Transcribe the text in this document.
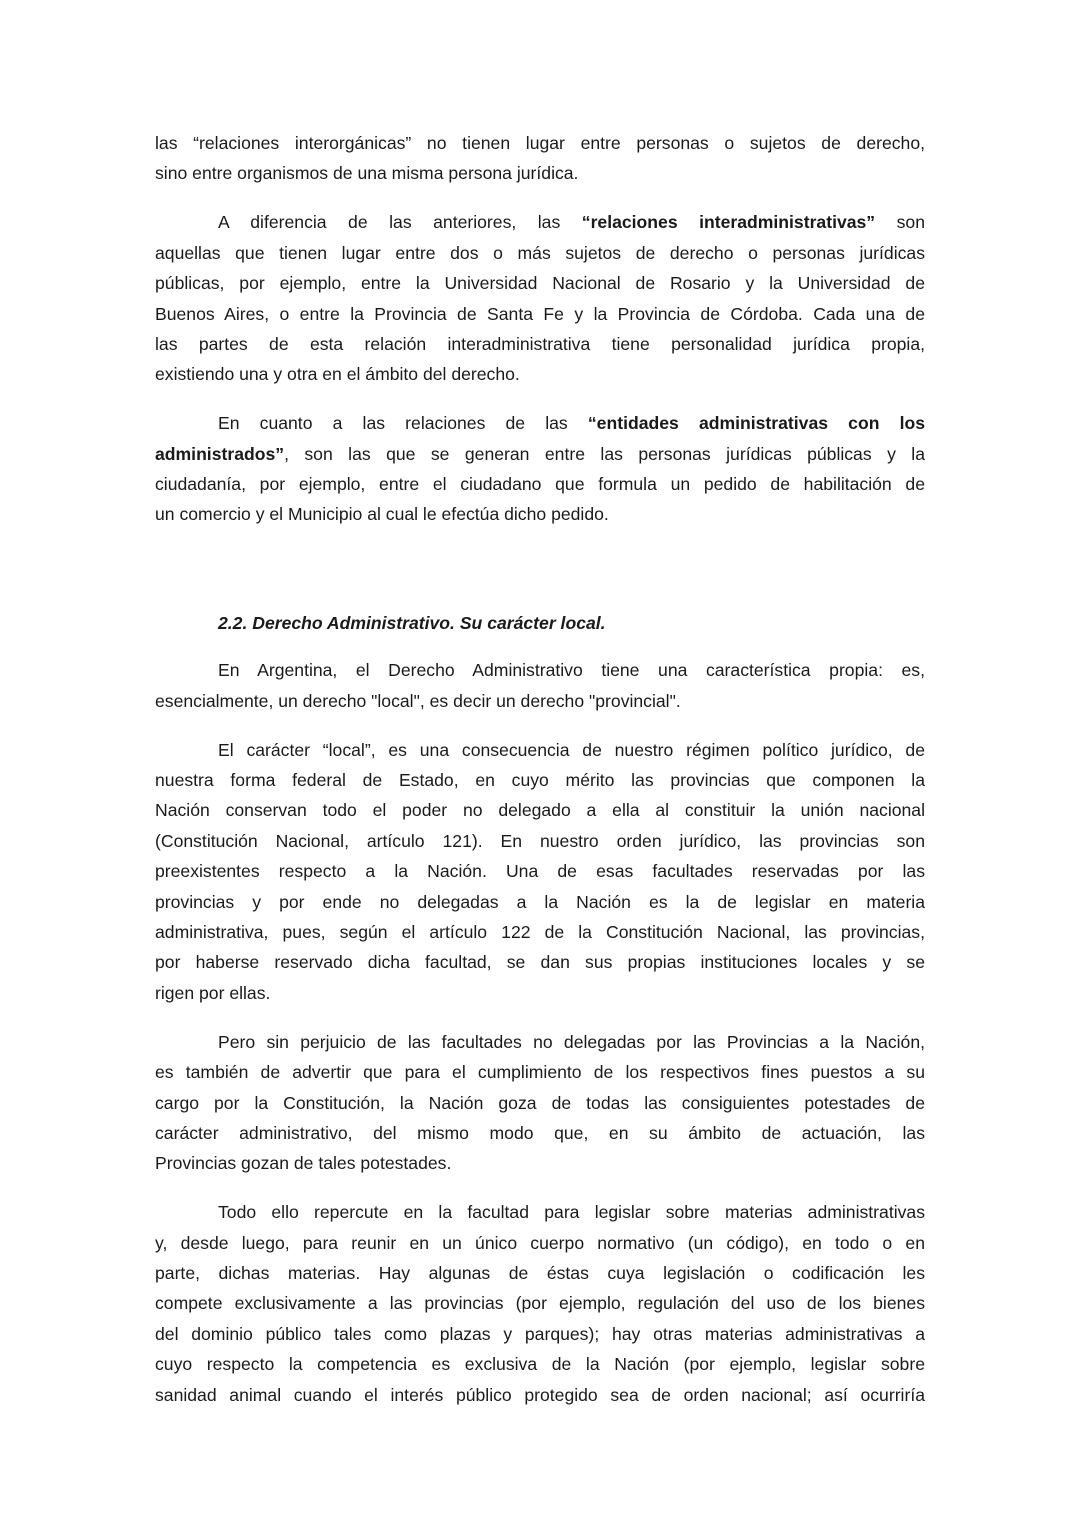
las “relaciones interorgánicas” no tienen lugar entre personas o sujetos de derecho,
sino entre organismos de una misma persona jurídica.
A diferencia de las anteriores, las “relaciones interadministrativas” son
aquellas que tienen lugar entre dos o más sujetos de derecho o personas jurídicas
públicas, por ejemplo, entre la Universidad Nacional de Rosario y la Universidad de
Buenos Aires, o entre la Provincia de Santa Fe y la Provincia de Córdoba. Cada una de
las partes de esta relación interadministrativa tiene personalidad jurídica propia,
existiendo una y otra en el ámbito del derecho.
En cuanto a las relaciones de las “entidades administrativas con los
administrados”, son las que se generan entre las personas jurídicas públicas y la
ciudadanía, por ejemplo, entre el ciudadano que formula un pedido de habilitación de
un comercio y el Municipio al cual le efectúa dicho pedido.
2.2. Derecho Administrativo. Su carácter local.
En Argentina, el Derecho Administrativo tiene una característica propia: es,
esencialmente, un derecho "local", es decir un derecho "provincial".
El carácter “local”, es una consecuencia de nuestro régimen político jurídico, de
nuestra forma federal de Estado, en cuyo mérito las provincias que componen la
Nación conservan todo el poder no delegado a ella al constituir la unión nacional
(Constitución Nacional, artículo 121). En nuestro orden jurídico, las provincias son
preexistentes respecto a la Nación. Una de esas facultades reservadas por las
provincias y por ende no delegadas a la Nación es la de legislar en materia
administrativa, pues, según el artículo 122 de la Constitución Nacional, las provincias,
por haberse reservado dicha facultad, se dan sus propias instituciones locales y se
rigen por ellas.
Pero sin perjuicio de las facultades no delegadas por las Provincias a la Nación,
es también de advertir que para el cumplimiento de los respectivos fines puestos a su
cargo por la Constitución, la Nación goza de todas las consiguientes potestades de
carácter administrativo, del mismo modo que, en su ámbito de actuación, las
Provincias gozan de tales potestades.
Todo ello repercute en la facultad para legislar sobre materias administrativas
y, desde luego, para reunir en un único cuerpo normativo (un código), en todo o en
parte, dichas materias. Hay algunas de éstas cuya legislación o codificación les
compete exclusivamente a las provincias (por ejemplo, regulación del uso de los bienes
del dominio público tales como plazas y parques); hay otras materias administrativas a
cuyo respecto la competencia es exclusiva de la Nación (por ejemplo, legislar sobre
sanidad animal cuando el interés público protegido sea de orden nacional; así ocurriría
